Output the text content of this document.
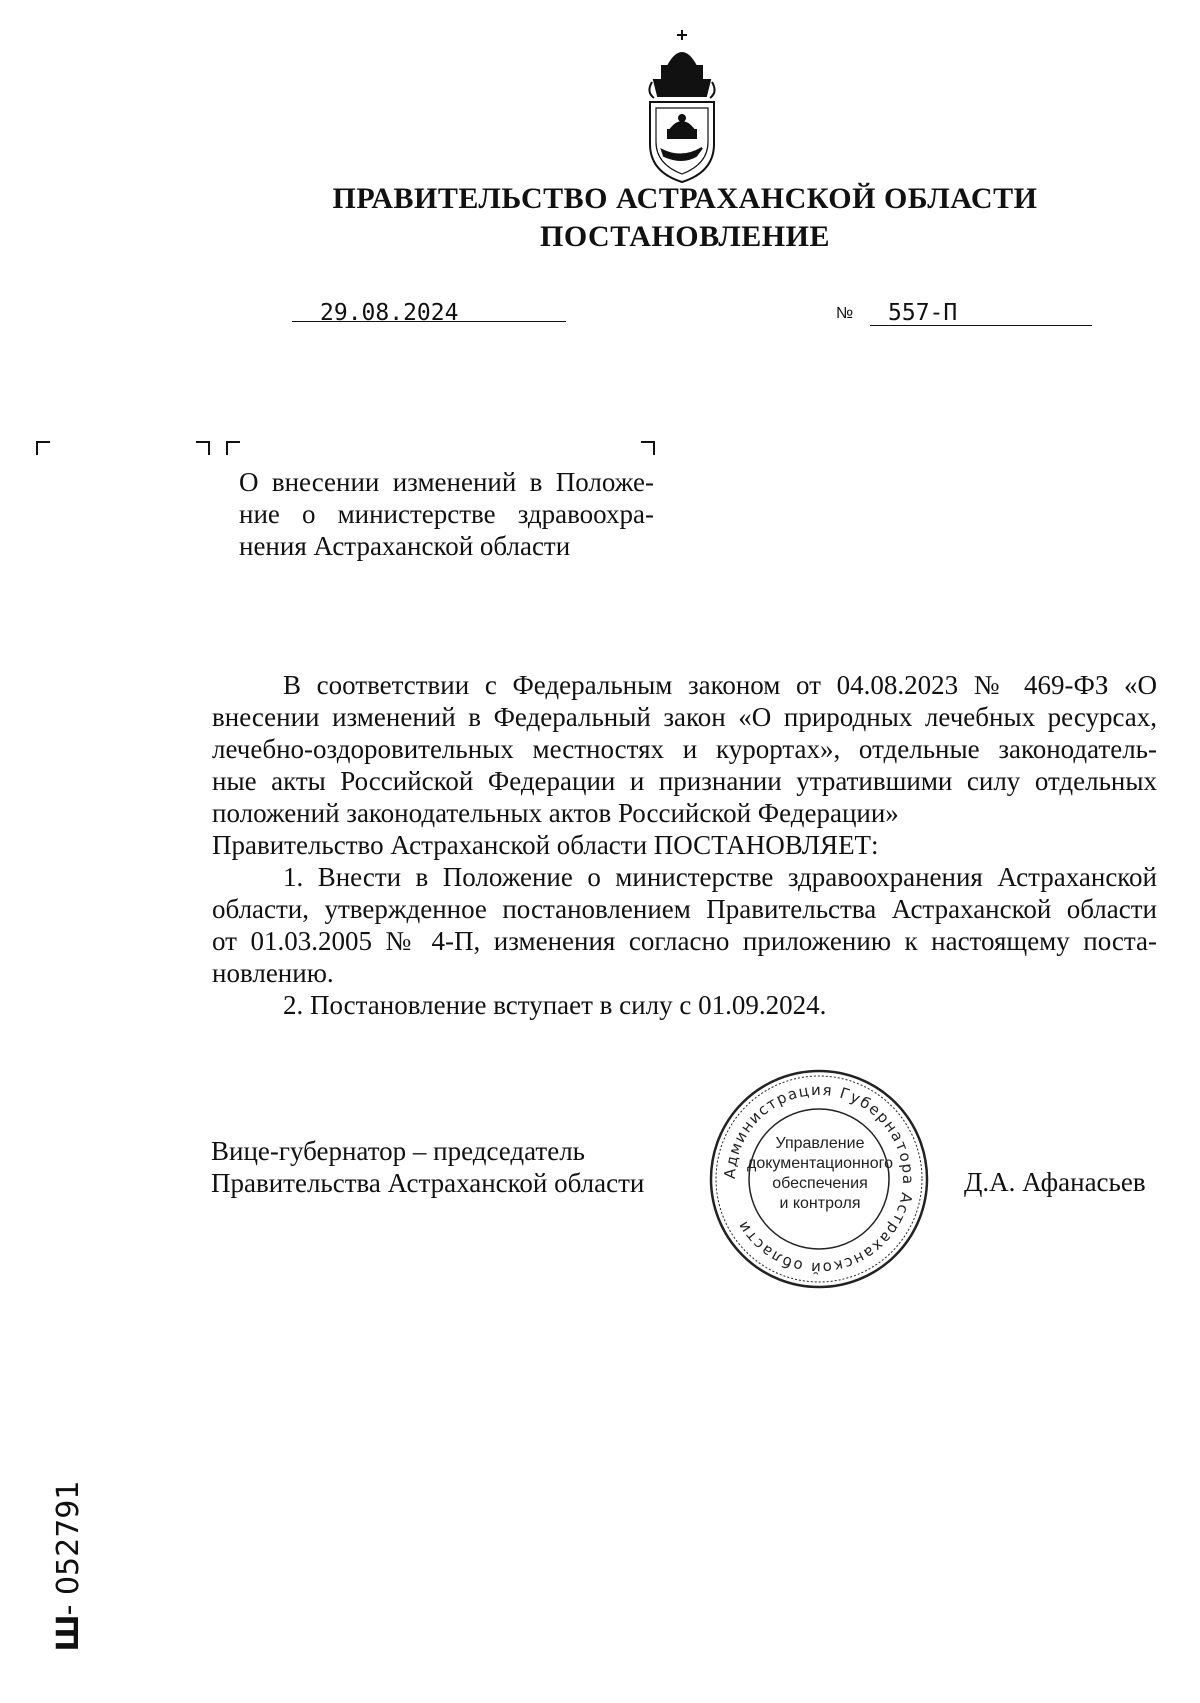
ПРАВИТЕЛЬСТВО АСТРАХАНСКОЙ ОБЛАСТИ
ПОСТАНОВЛЕНИЕ
29.08.2024	№ 557-П
О внесении изменений в Положе-
ние о министерстве здравоохра-
нения Астраханской области
В соответствии с Федеральным законом от 04.08.2023 № 469-ФЗ «О
внесении изменений в Федеральный закон «О природных лечебных ресурсах,
лечебно-оздоровительных местностях и курортах», отдельные законодатель-
ные акты Российской Федерации и признании утратившими силу отдельных
положений законодательных актов Российской Федерации»
Правительство Астраханской области ПОСТАНОВЛЯЕТ:
1. Внести в Положение о министерстве здравоохранения Астраханской
области, утвержденное постановлением Правительства Астраханской области
от 01.03.2005 № 4-П, изменения согласно приложению к настоящему поста-
новлению.
2. Постановление вступает в силу с 01.09.2024.
Вице-губернатор – председатель
Правительства Астраханской области	Администрация Губернатора Астраханской области
Управление
документационного
обеспечения
и контроля
Д.А. Афанасьев
Ш- 052791
